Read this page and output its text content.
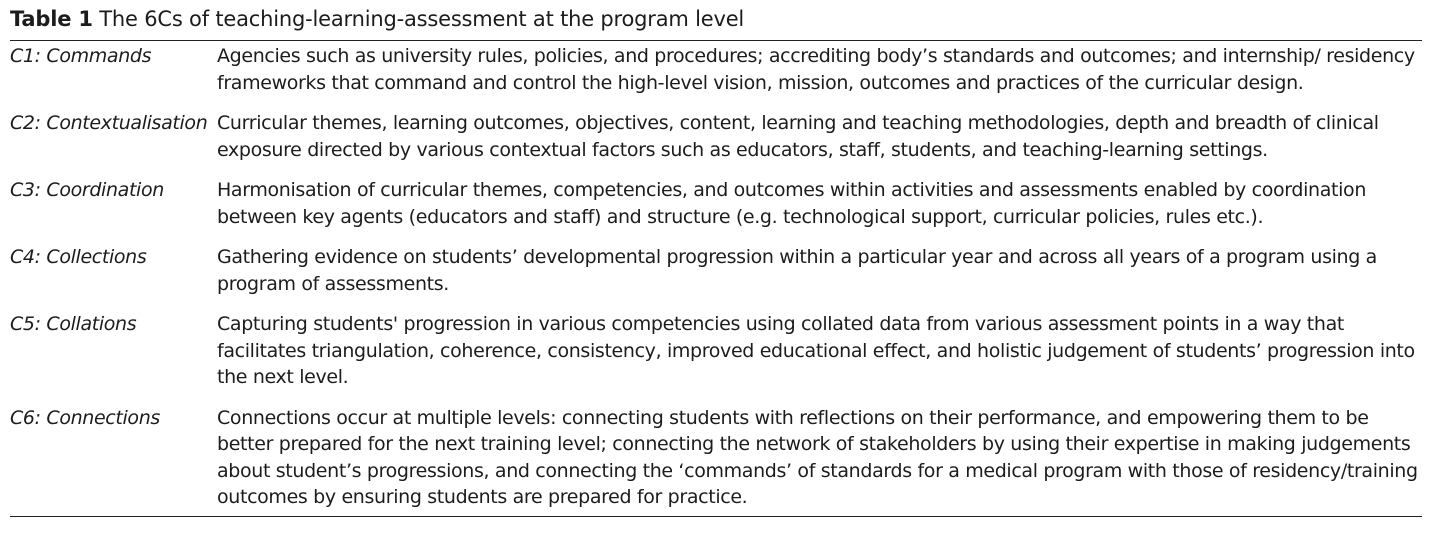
Table 1 The 6Cs of teaching-learning-assessment at the program level
C1: Commands	Agencies such as university rules, policies, and procedures; accrediting body’s standards and outcomes; and internship/ residency frameworks that command and control the high-level vision, mission, outcomes and practices of the curricular design.
C2: Contextualisation	Curricular themes, learning outcomes, objectives, content, learning and teaching methodologies, depth and breadth of clinical exposure directed by various contextual factors such as educators, staff, students, and teaching-learning settings.
C3: Coordination	Harmonisation of curricular themes, competencies, and outcomes within activities and assessments enabled by coordination between key agents (educators and staff) and structure (e.g. technological support, curricular policies, rules etc.).
C4: Collections	Gathering evidence on students’ developmental progression within a particular year and across all years of a program using a program of assessments.
C5: Collations	Capturing students' progression in various competencies using collated data from various assessment points in a way that facilitates triangulation, coherence, consistency, improved educational effect, and holistic judgement of students’ progression into the next level.
C6: Connections	Connections occur at multiple levels: connecting students with reflections on their performance, and empowering them to be better prepared for the next training level; connecting the network of stakeholders by using their expertise in making judgements about student’s progressions, and connecting the ‘commands’ of standards for a medical program with those of residency/training outcomes by ensuring students are prepared for practice.
